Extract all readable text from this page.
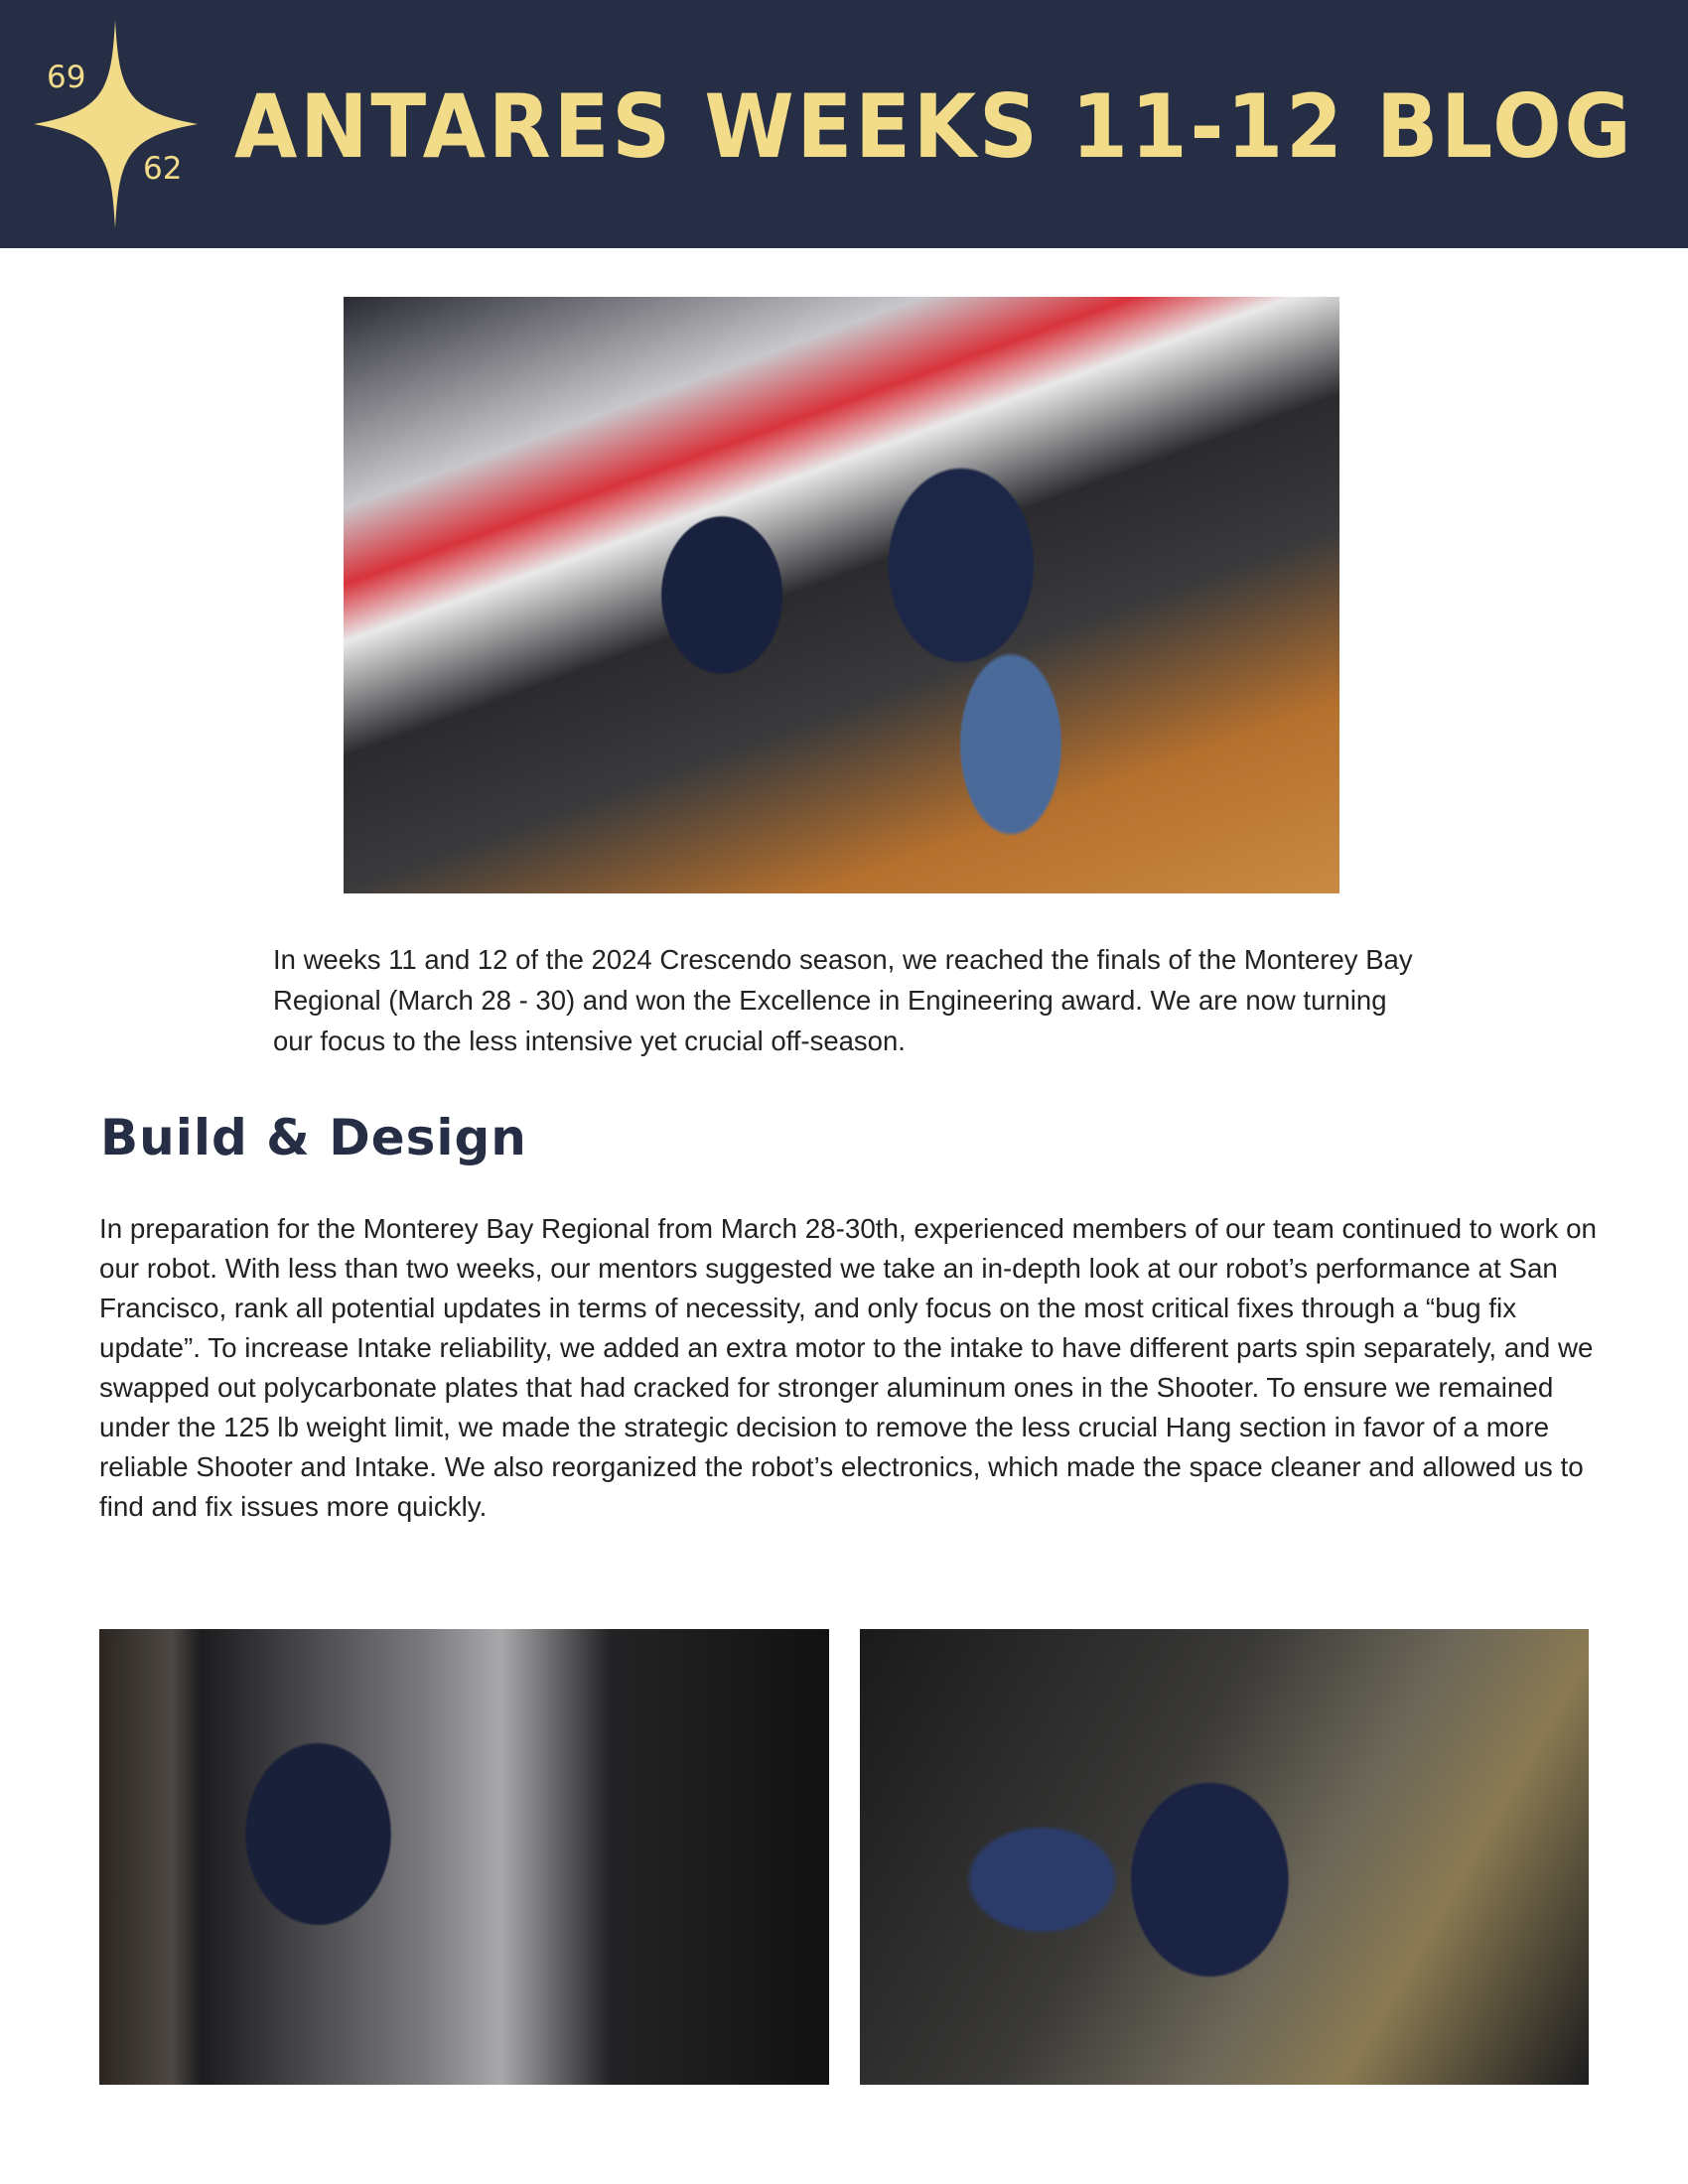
69
62 ANTARES WEEKS 11-12 BLOG
In weeks 11 and 12 of the 2024 Crescendo season, we reached the finals of the Monterey Bay Regional (March 28 - 30) and won the Excellence in Engineering award. We are now turning our focus to the less intensive yet crucial off-season.
Build & Design
In preparation for the Monterey Bay Regional from March 28-30th, experienced members of our team continued to work on our robot. With less than two weeks, our mentors suggested we take an in-depth look at our robot’s performance at San Francisco, rank all potential updates in terms of necessity, and only focus on the most critical fixes through a “bug fix update”. To increase Intake reliability, we added an extra motor to the intake to have different parts spin separately, and we swapped out polycarbonate plates that had cracked for stronger aluminum ones in the Shooter. To ensure we remained under the 125 lb weight limit, we made the strategic decision to remove the less crucial Hang section in favor of a more reliable Shooter and Intake. We also reorganized the robot’s electronics, which made the space cleaner and allowed us to find and fix issues more quickly.
